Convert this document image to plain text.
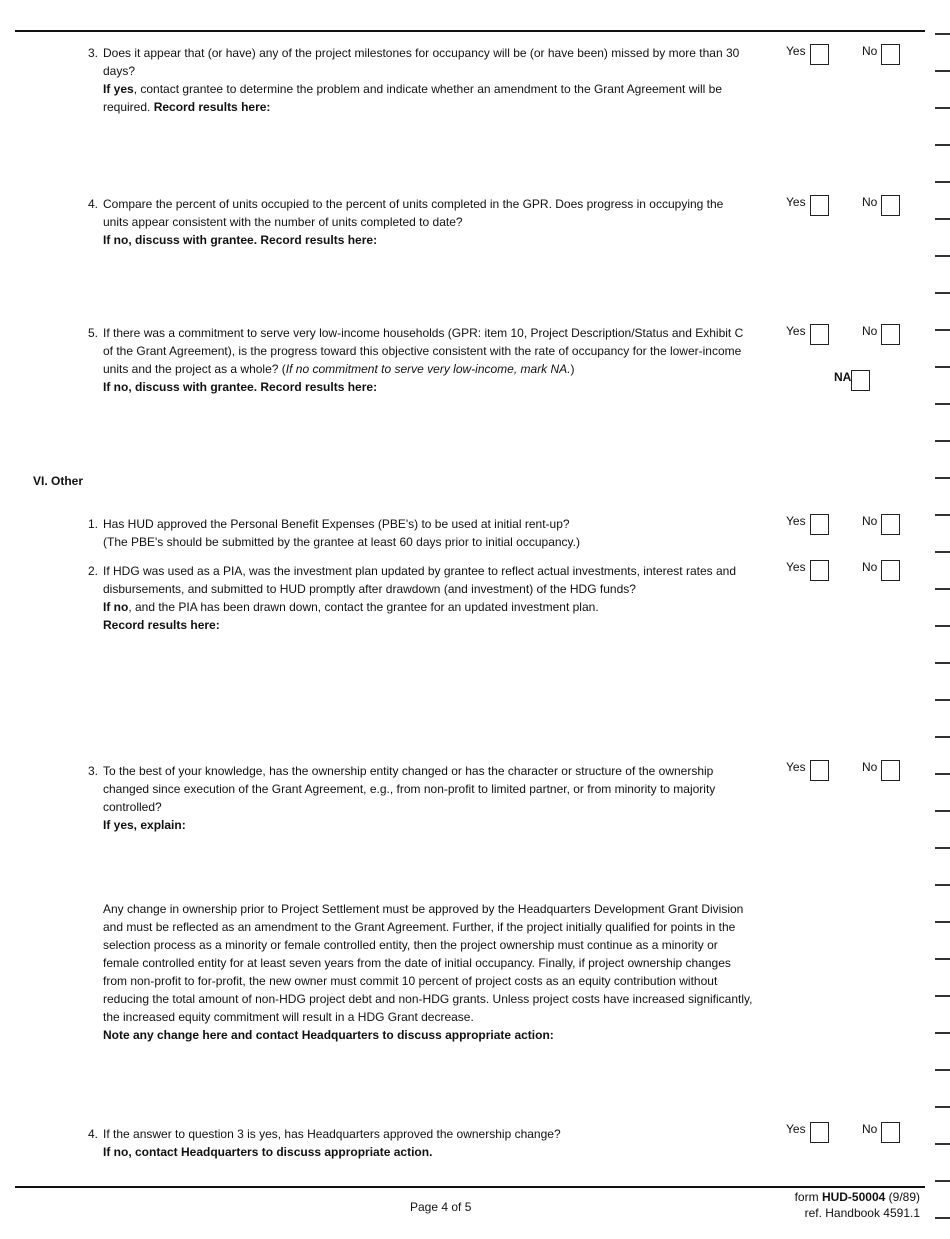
3. Does it appear that (or have) any of the project milestones for occupancy will be (or have been) missed by more than 30 days?

If yes, contact grantee to determine the problem and indicate whether an amendment to the Grant Agreement will be required. Record results here:

Yes	No
4. Compare the percent of units occupied to the percent of units completed in the GPR. Does progress in occupying the units appear consistent with the number of units completed to date?

If no, discuss with grantee. Record results here:

Yes	No
5. If there was a commitment to serve very low-income households (GPR: item 10, Project Description/Status and Exhibit C of the Grant Agreement), is the progress toward this objective consistent with the rate of occupancy for the lower-income units and the project as a whole? (If no commitment to serve very low-income, mark NA.)

If no, discuss with grantee. Record results here:

Yes	No
NA
VI. Other
1. Has HUD approved the Personal Benefit Expenses (PBE's) to be used at initial rent-up?

(The PBE's should be submitted by the grantee at least 60 days prior to initial occupancy.)

Yes	No
2. If HDG was used as a PIA, was the investment plan updated by grantee to reflect actual investments, interest rates and disbursements, and submitted to HUD promptly after drawdown (and investment) of the HDG funds?

If no, and the PIA has been drawn down, contact the grantee for an updated investment plan.

Record results here:

Yes	No
3. To the best of your knowledge, has the ownership entity changed or has the character or structure of the ownership changed since execution of the Grant Agreement, e.g., from non-profit to limited partner, or from minority to majority controlled?

If yes, explain:

Yes	No

Any change in ownership prior to Project Settlement must be approved by the Headquarters Development Grant Division and must be reflected as an amendment to the Grant Agreement. Further, if the project initially qualified for points in the selection process as a minority or female controlled entity, then the project ownership must continue as a minority or female controlled entity for at least seven years from the date of initial occupancy. Finally, if project ownership changes from non-profit to for-profit, the new owner must commit 10 percent of project costs as an equity contribution without reducing the total amount of non-HDG project debt and non-HDG grants. Unless project costs have increased significantly, the increased equity commitment will result in a HDG Grant decrease.

Note any change here and contact Headquarters to discuss appropriate action:

4. If the answer to question 3 is yes, has Headquarters approved the ownership change?

If no, contact Headquarters to discuss appropriate action.

Yes	No
Page 4 of 5
form HUD-50004 (9/89)
ref. Handbook 4591.1
